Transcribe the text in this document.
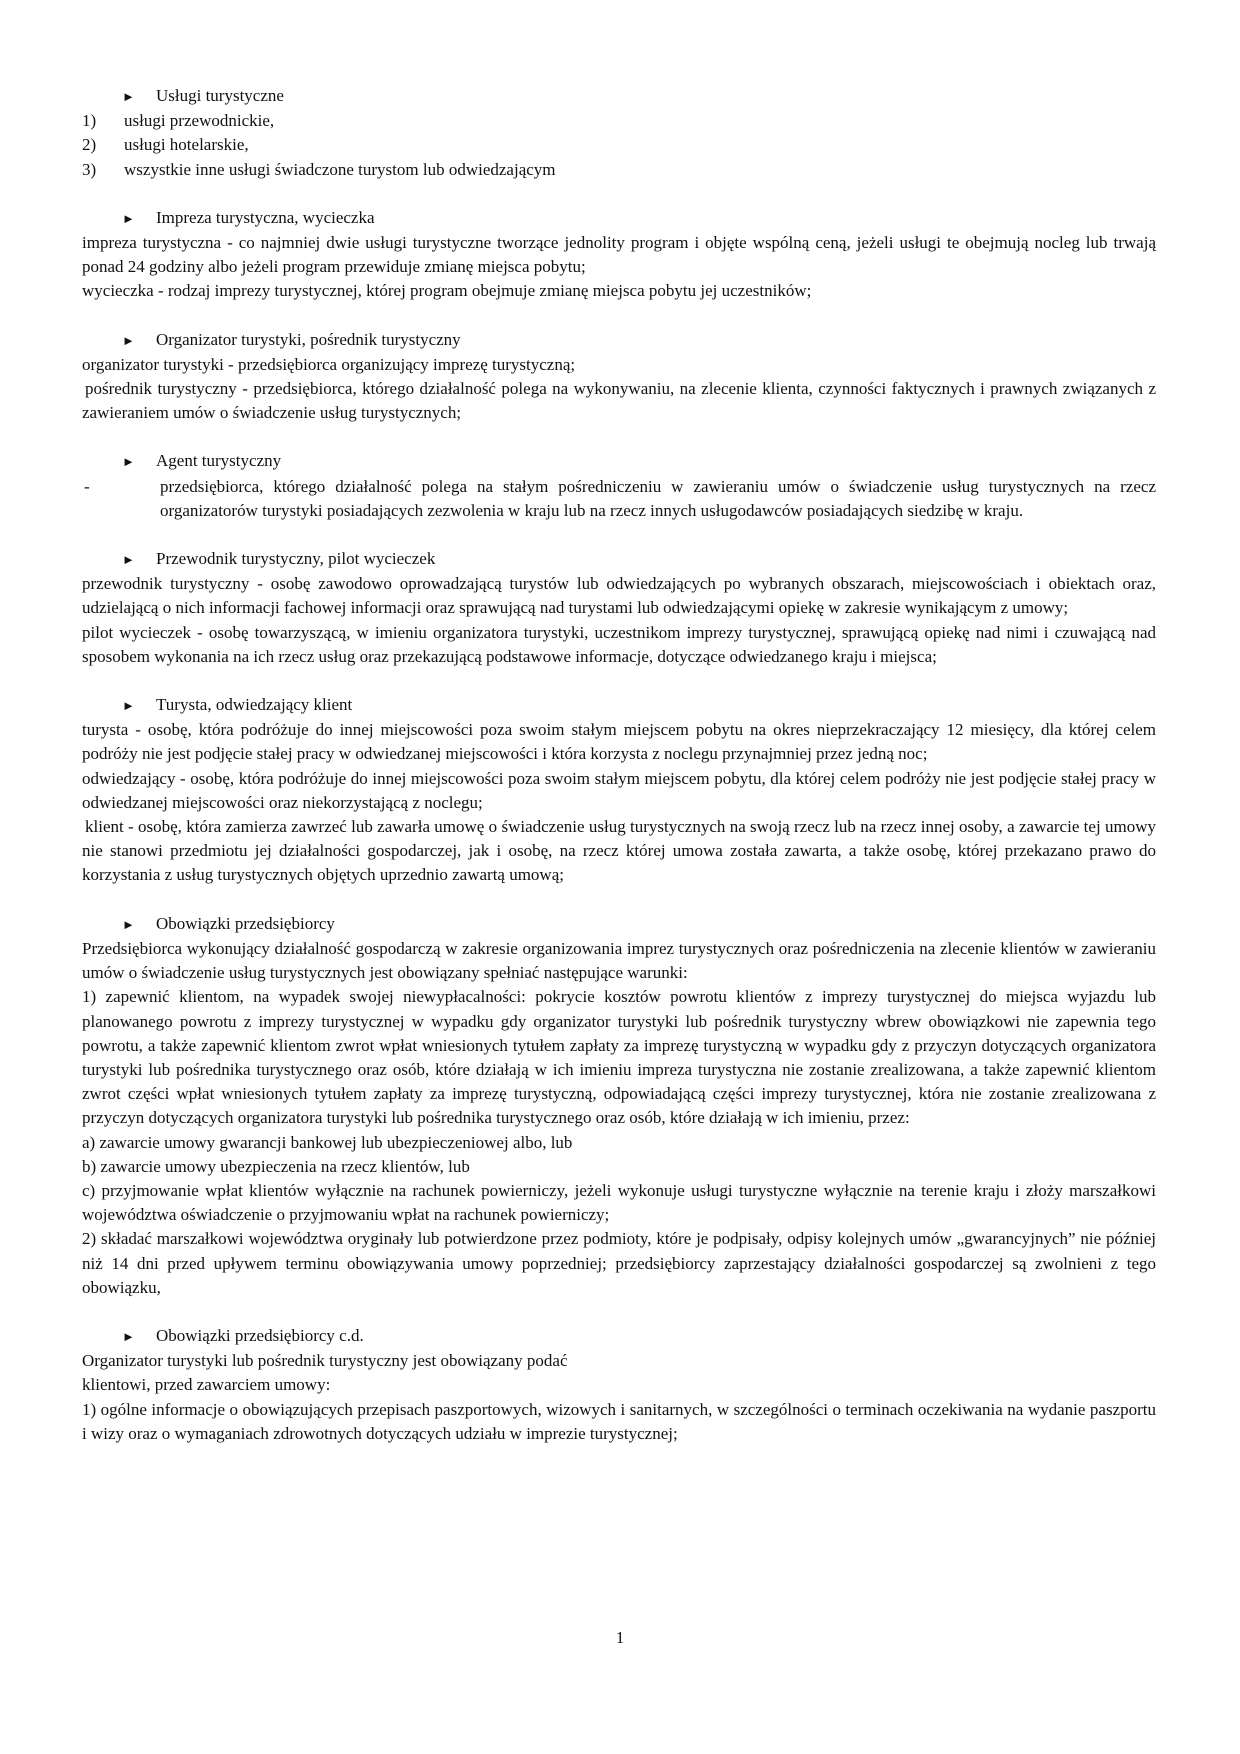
►	Usługi turystyczne
1)	usługi przewodnickie,
2)	usługi hotelarskie,
3)	wszystkie inne usługi świadczone turystom lub odwiedzającym
►	Impreza turystyczna, wycieczka

impreza turystyczna - co najmniej dwie usługi turystyczne tworzące jednolity program i objęte wspólną ceną, jeżeli usługi te obejmują nocleg lub trwają ponad 24 godziny albo jeżeli program przewiduje zmianę miejsca pobytu;

wycieczka - rodzaj imprezy turystycznej, której program obejmuje zmianę miejsca pobytu jej uczestników;

►	Organizator turystyki, pośrednik turystyczny

organizator turystyki - przedsiębiorca organizujący imprezę turystyczną;

pośrednik turystyczny - przedsiębiorca, którego działalność polega na wykonywaniu, na zlecenie klienta, czynności faktycznych i prawnych związanych z zawieraniem umów o świadczenie usług turystycznych;

►	Agent turystyczny
-	przedsiębiorca, którego działalność polega na stałym pośredniczeniu w zawieraniu umów o świadczenie usług turystycznych na rzecz organizatorów turystyki posiadających zezwolenia w kraju lub na rzecz innych usługodawców posiadających siedzibę w kraju.
►	Przewodnik turystyczny, pilot wycieczek

przewodnik turystyczny - osobę zawodowo oprowadzającą turystów lub odwiedzających po wybranych obszarach, miejscowościach i obiektach oraz, udzielającą o nich informacji fachowej informacji oraz sprawującą nad turystami lub odwiedzającymi opiekę w zakresie wynikającym z umowy;

pilot wycieczek - osobę towarzyszącą, w imieniu organizatora turystyki, uczestnikom imprezy turystycznej, sprawującą opiekę nad nimi i czuwającą nad sposobem wykonania na ich rzecz usług oraz przekazującą podstawowe informacje, dotyczące odwiedzanego kraju i miejsca;

►	Turysta, odwiedzający klient

turysta - osobę, która podróżuje do innej miejscowości poza swoim stałym miejscem pobytu na okres nieprzekraczający 12 miesięcy, dla której celem podróży nie jest podjęcie stałej pracy w odwiedzanej miejscowości i która korzysta z noclegu przynajmniej przez jedną noc;

odwiedzający - osobę, która podróżuje do innej miejscowości poza swoim stałym miejscem pobytu, dla której celem podróży nie jest podjęcie stałej pracy w odwiedzanej miejscowości oraz niekorzystającą z noclegu;

klient - osobę, która zamierza zawrzeć lub zawarła umowę o świadczenie usług turystycznych na swoją rzecz lub na rzecz innej osoby, a zawarcie tej umowy nie stanowi przedmiotu jej działalności gospodarczej, jak i osobę, na rzecz której umowa została zawarta, a także osobę, której przekazano prawo do korzystania z usług turystycznych objętych uprzednio zawartą umową;

►	Obowiązki przedsiębiorcy

Przedsiębiorca wykonujący działalność gospodarczą w zakresie organizowania imprez turystycznych oraz pośredniczenia na zlecenie klientów w zawieraniu umów o świadczenie usług turystycznych jest obowiązany spełniać następujące warunki:

1) zapewnić klientom, na wypadek swojej niewypłacalności: pokrycie kosztów powrotu klientów z imprezy turystycznej do miejsca wyjazdu lub planowanego powrotu z imprezy turystycznej w wypadku gdy organizator turystyki lub pośrednik turystyczny wbrew obowiązkowi nie zapewnia tego powrotu, a także zapewnić klientom zwrot wpłat wniesionych tytułem zapłaty za imprezę turystyczną w wypadku gdy z przyczyn dotyczących organizatora turystyki lub pośrednika turystycznego oraz osób, które działają w ich imieniu impreza turystyczna nie zostanie zrealizowana, a także zapewnić klientom zwrot części wpłat wniesionych tytułem zapłaty za imprezę turystyczną, odpowiadającą części imprezy turystycznej, która nie zostanie zrealizowana z przyczyn dotyczących organizatora turystyki lub pośrednika turystycznego oraz osób, które działają w ich imieniu, przez:

a) zawarcie umowy gwarancji bankowej lub ubezpieczeniowej albo, lub

b) zawarcie umowy ubezpieczenia na rzecz klientów, lub

c) przyjmowanie wpłat klientów wyłącznie na rachunek powierniczy, jeżeli wykonuje usługi turystyczne wyłącznie na terenie kraju i złoży marszałkowi województwa oświadczenie o przyjmowaniu wpłat na rachunek powierniczy;

2) składać marszałkowi województwa oryginały lub potwierdzone przez podmioty, które je podpisały, odpisy kolejnych umów „gwarancyjnych” nie później niż 14 dni przed upływem terminu obowiązywania umowy poprzedniej; przedsiębiorcy zaprzestający działalności gospodarczej są zwolnieni z tego obowiązku,

►	Obowiązki przedsiębiorcy c.d.

Organizator turystyki lub pośrednik turystyczny jest obowiązany podać

klientowi, przed zawarciem umowy:

1) ogólne informacje o obowiązujących przepisach paszportowych, wizowych i sanitarnych, w szczególności o terminach oczekiwania na wydanie paszportu i wizy oraz o wymaganiach zdrowotnych dotyczących udziału w imprezie turystycznej;

1
